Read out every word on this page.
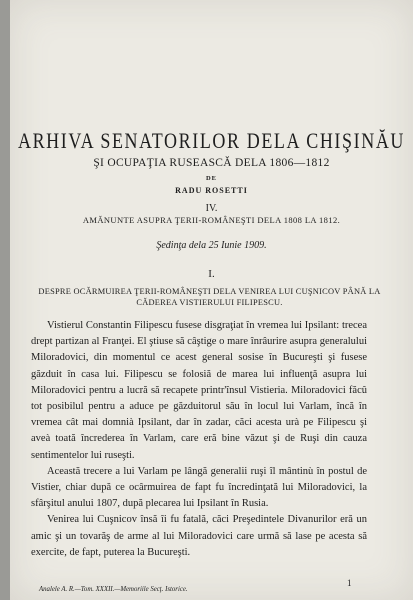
ARHIVA SENATORILOR DELA CHIŞINĂU
ŞI OCUPAŢIA RUSEASCĂ DELA 1806—1812
DE
RADU ROSETTI
IV.
AMĂNUNTE ASUPRA ŢERII-ROMÂNEŞTI DELA 1808 LA 1812.
Şedinţa dela 25 Iunie 1909.
I.
DESPRE OCĂRMUIREA ŢERII-ROMÂNEŞTI DELA VENIREA LUI CUŞNICOV PÂNĂ LA CĂDEREA VISTIERULUI FILIPESCU.

Vistierul Constantin Filipescu fusese disgraţiat în vremea lui Ipsilant: trecea drept partizan al Franţei. El ştiuse să câştige o mare înrâurire asupra generalului Miloradovici, din momentul ce acest general sosise în Bucureşti şi fusese găzduit în casa lui. Filipescu se folosiă de marea lui influenţă asupra lui Miloradovici pentru a lucră să recapete printr'însul Vistieria. Miloradovici făcû tot posibilul pentru a aduce pe găzduitorul său în locul lui Varlam, încă în vremea cât mai domnià Ipsilant, dar în zadar, căci acesta urà pe Filipescu şi aveà toată încrederea în Varlam, care eră bine văzut şi de Ruşi din cauza sentimentelor lui ruseşti.

Această trecere a lui Varlam pe lângă generalii ruşi îl mântinù în postul de Vistier, chiar după ce ocârmuirea de fapt fu încredinţată lui Miloradovici, la sfârşitul anului 1807, după plecarea lui Ipsilant în Rusia.

Venirea lui Cuşnicov însă îi fu fatală, căci Preşedintele Divanurilor eră un amic şi un tovarăş de arme al lui Miloradovici care urmă să lase pe acesta să exercite, de fapt, puterea la Bucureşti.

1
Analele A. R.—Tom. XXXII.—Memoriile Secţ. Istorice.
